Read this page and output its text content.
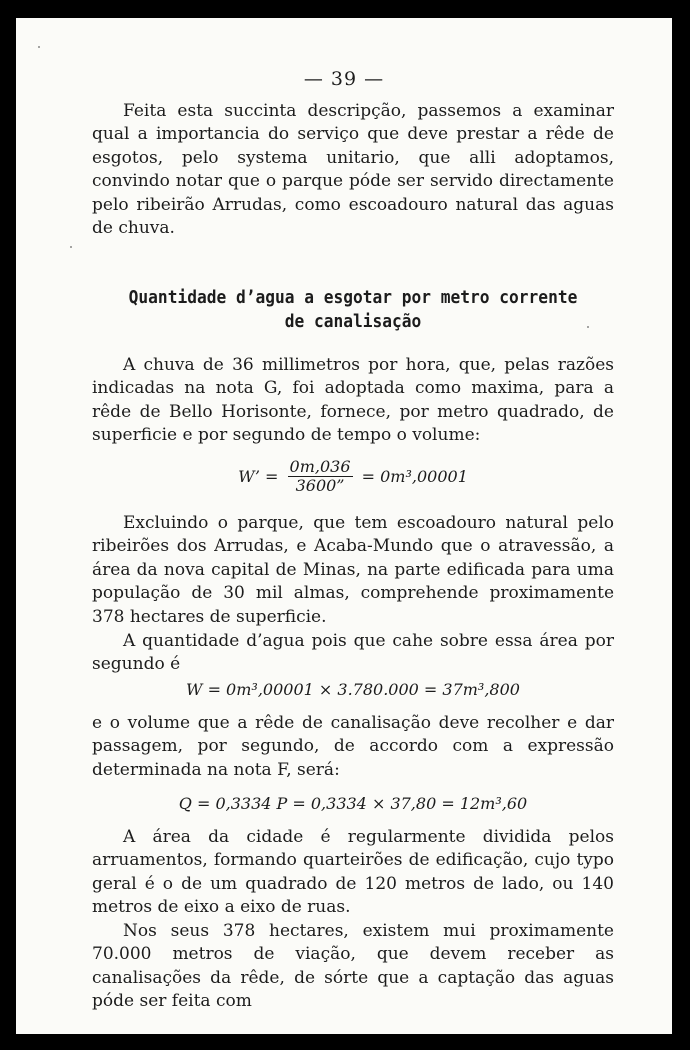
— 39 —

Feita esta succinta descripção, passemos a examinar qual a importancia do serviço que deve prestar a rêde de esgotos, pelo systema unitario, que alli adoptamos, convindo notar que o parque póde ser servido directamente pelo ribeirão Arrudas, como escoadouro natural das aguas de chuva.

Quantidade d’agua a esgotar por metro corrente
de canalisação

A chuva de 36 millimetros por hora, que, pelas razões indicadas na nota G, foi adoptada como maxima, para a rêde de Bello Horisonte, fornece, por metro quadrado, de superficie e por segundo de tempo o volume:

W’ = $\frac{0m,036}{3600”} = 0m^3,00001$

Excluindo o parque, que tem escoadouro natural pelo ribeirões dos Arrudas, e Acaba-Mundo que o atravessão, a área da nova capital de Minas, na parte edificada para uma população de 30 mil almas, comprehende proximamente 378 hectares de superficie.

A quantidade d’agua pois que cahe sobre essa área por segundo é

W = 0m³,00001 × 3.780.000 = 37m³,800

e o volume que a rêde de canalisação deve recolher e dar passagem, por segundo, de accordo com a expressão determinada na nota F, será:

Q = 0,3334 P = 0,3334 × 37,80 = 12m³,60

A área da cidade é regularmente dividida pelos arruamentos, formando quarteirões de edificação, cujo typo geral é o de um quadrado de 120 metros de lado, ou 140 metros de eixo a eixo de ruas.

Nos seus 378 hectares, existem mui proximamente 70.000 metros de viação, que devem receber as canalisações da rêde, de sórte que a captação das aguas póde ser feita com
